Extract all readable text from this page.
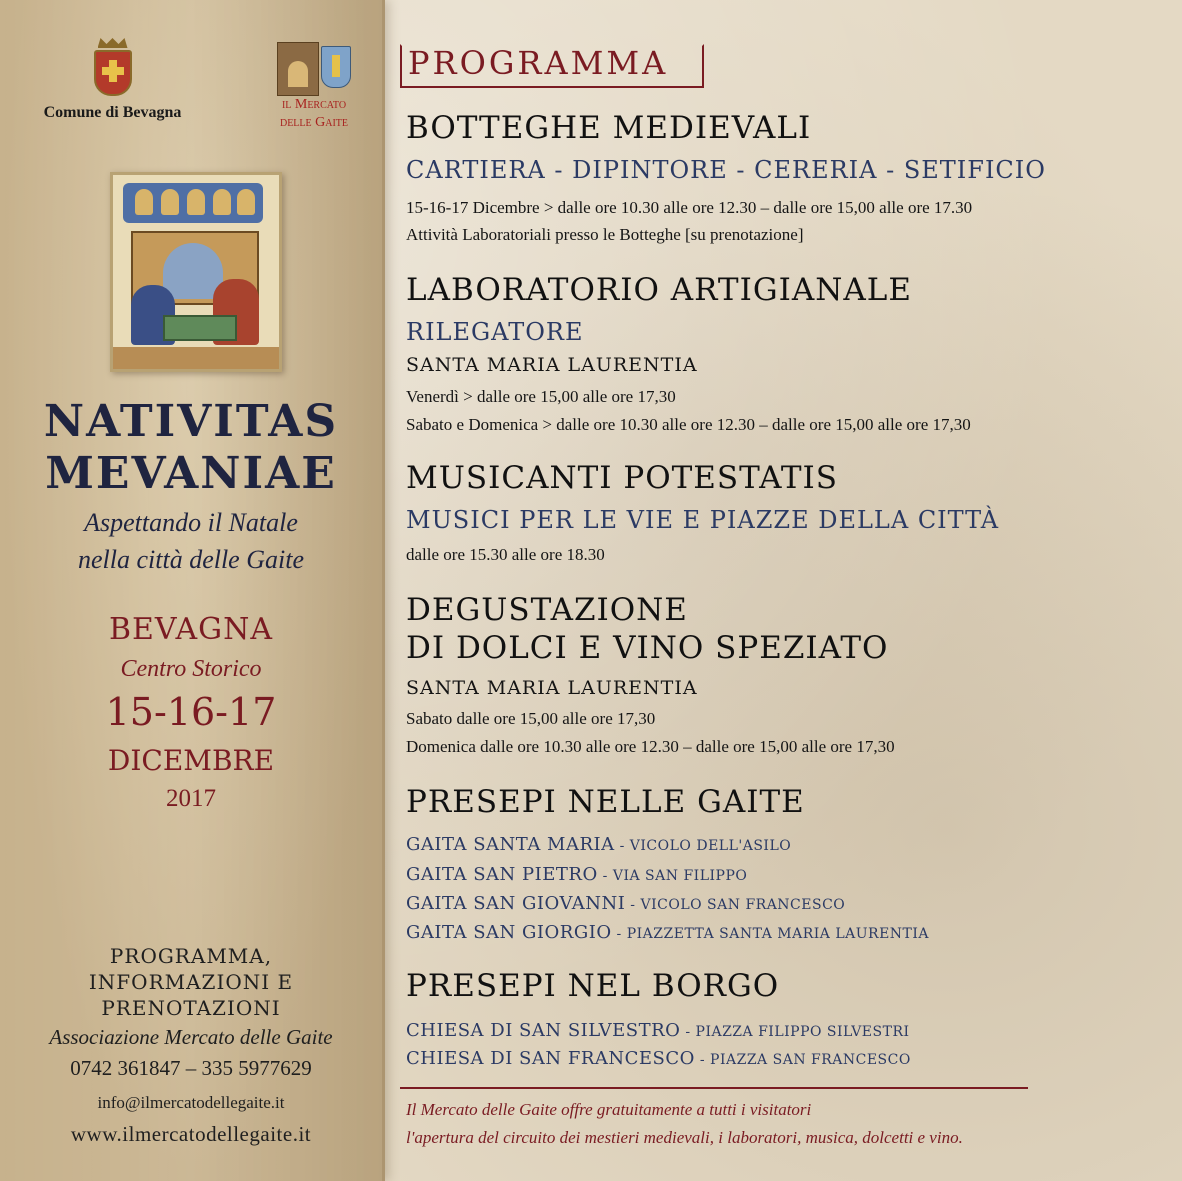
Comune di Bevagna	il Mercato
delle Gaite
NATIVITAS
MEVANIAE
Aspettando il Natale
nella città delle Gaite
BEVAGNA
Centro Storico
15-16-17
DICEMBRE
2017
PROGRAMMA,
INFORMAZIONI E
PRENOTAZIONI
Associazione Mercato delle Gaite
0742 361847 – 335 5977629
info@ilmercatodellegaite.it
www.ilmercatodellegaite.it
PROGRAMMA
BOTTEGHE MEDIEVALI
CARTIERA - DIPINTORE - CERERIA - SETIFICIO
15-16-17 Dicembre > dalle ore 10.30 alle ore 12.30 – dalle ore 15,00 alle ore 17.30
Attività Laboratoriali presso le Botteghe [su prenotazione]
LABORATORIO ARTIGIANALE
RILEGATORE
SANTA MARIA LAURENTIA
Venerdì > dalle ore 15,00 alle ore 17,30
Sabato e Domenica > dalle ore 10.30 alle ore 12.30 – dalle ore 15,00 alle ore 17,30
MUSICANTI POTESTATIS
MUSICI PER LE VIE E PIAZZE DELLA CITTÀ
dalle ore 15.30 alle ore 18.30
DEGUSTAZIONE
DI DOLCI E VINO SPEZIATO
SANTA MARIA LAURENTIA
Sabato dalle ore 15,00 alle ore 17,30
Domenica dalle ore 10.30 alle ore 12.30 – dalle ore 15,00 alle ore 17,30
PRESEPI NELLE GAITE
GAITA SANTA MARIA - VICOLO DELL'ASILO
GAITA SAN PIETRO - VIA SAN FILIPPO
GAITA SAN GIOVANNI - VICOLO SAN FRANCESCO
GAITA SAN GIORGIO - PIAZZETTA SANTA MARIA LAURENTIA
PRESEPI NEL BORGO
CHIESA DI SAN SILVESTRO - PIAZZA FILIPPO SILVESTRI
CHIESA DI SAN FRANCESCO - PIAZZA SAN FRANCESCO
Il Mercato delle Gaite offre gratuitamente a tutti i visitatori
l'apertura del circuito dei mestieri medievali, i laboratori, musica, dolcetti e vino.
